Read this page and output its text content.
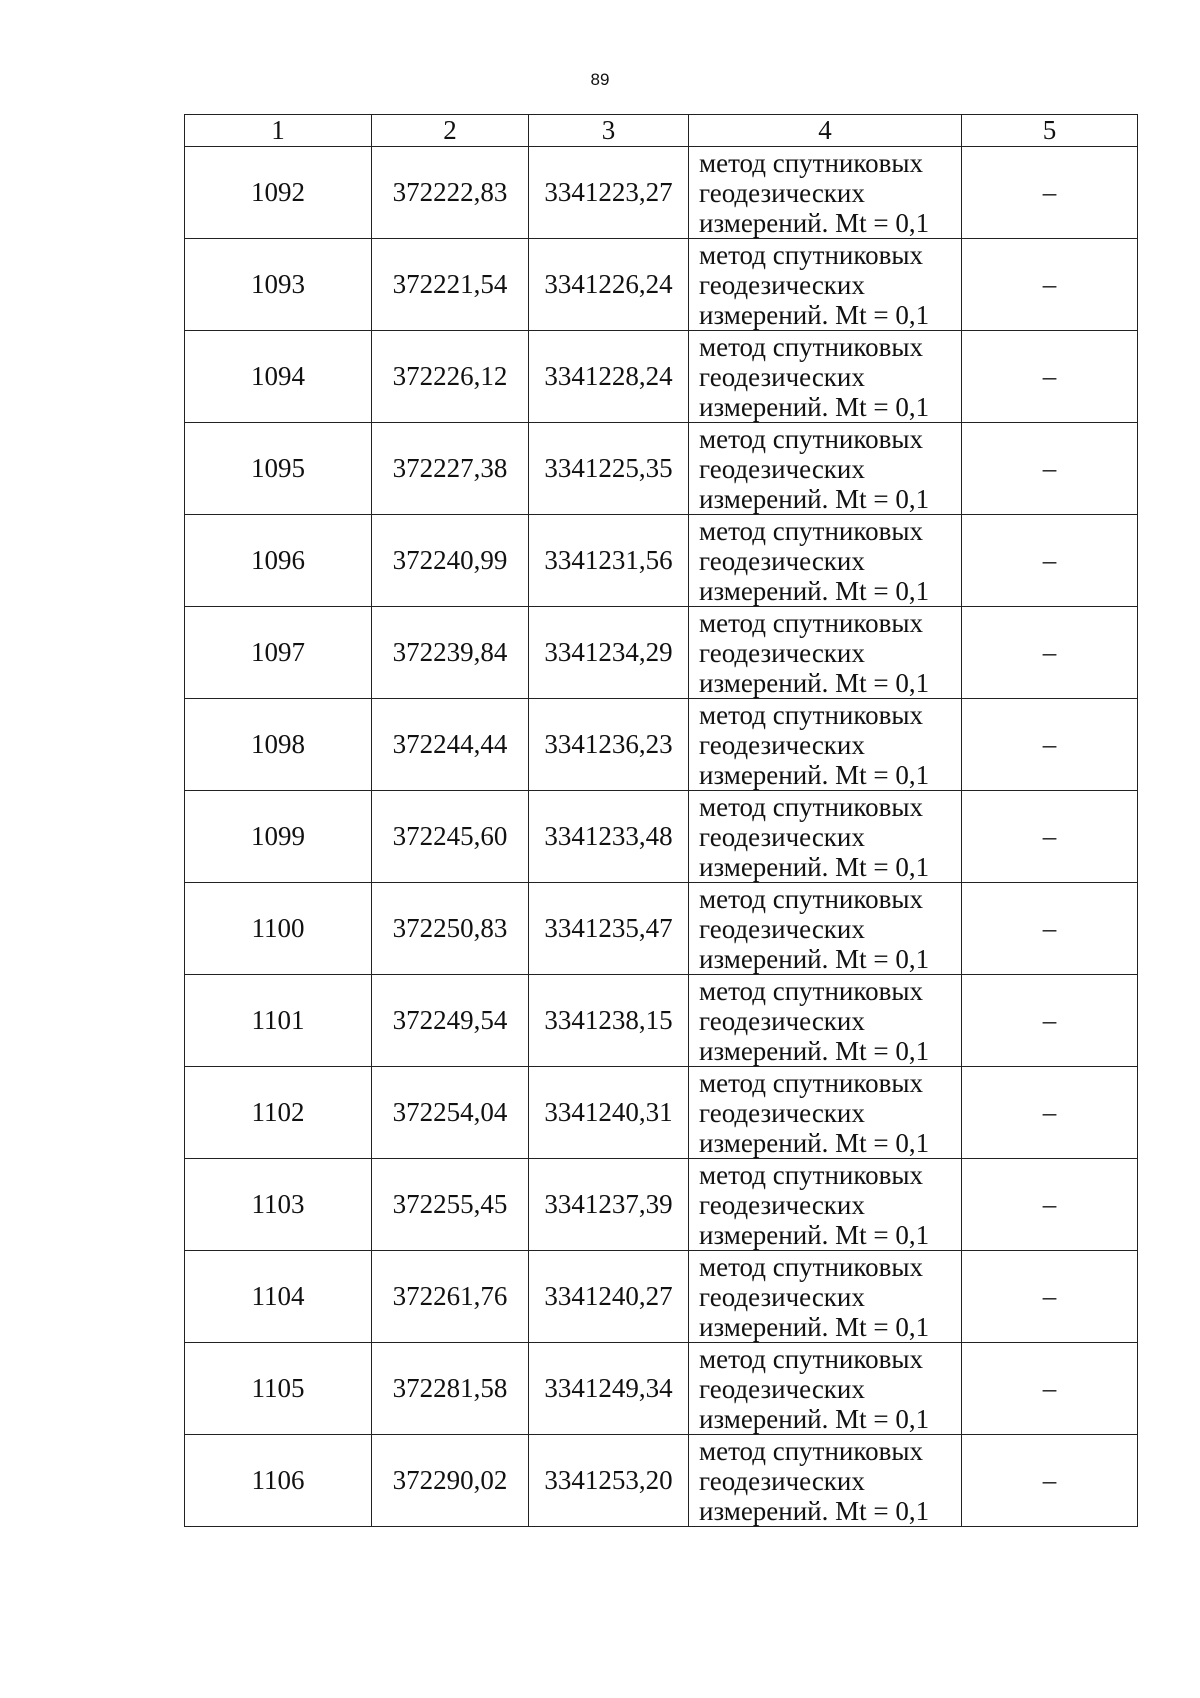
89
1	2	3	4	5
1092	372222,83	3341223,27	метод спутниковых
геодезических
измерений. Mt = 0,1	–
1093	372221,54	3341226,24	метод спутниковых
геодезических
измерений. Mt = 0,1	–
1094	372226,12	3341228,24	метод спутниковых
геодезических
измерений. Mt = 0,1	–
1095	372227,38	3341225,35	метод спутниковых
геодезических
измерений. Mt = 0,1	–
1096	372240,99	3341231,56	метод спутниковых
геодезических
измерений. Mt = 0,1	–
1097	372239,84	3341234,29	метод спутниковых
геодезических
измерений. Mt = 0,1	–
1098	372244,44	3341236,23	метод спутниковых
геодезических
измерений. Mt = 0,1	–
1099	372245,60	3341233,48	метод спутниковых
геодезических
измерений. Mt = 0,1	–
1100	372250,83	3341235,47	метод спутниковых
геодезических
измерений. Mt = 0,1	–
1101	372249,54	3341238,15	метод спутниковых
геодезических
измерений. Mt = 0,1	–
1102	372254,04	3341240,31	метод спутниковых
геодезических
измерений. Mt = 0,1	–
1103	372255,45	3341237,39	метод спутниковых
геодезических
измерений. Mt = 0,1	–
1104	372261,76	3341240,27	метод спутниковых
геодезических
измерений. Mt = 0,1	–
1105	372281,58	3341249,34	метод спутниковых
геодезических
измерений. Mt = 0,1	–
1106	372290,02	3341253,20	метод спутниковых
геодезических
измерений. Mt = 0,1	–
